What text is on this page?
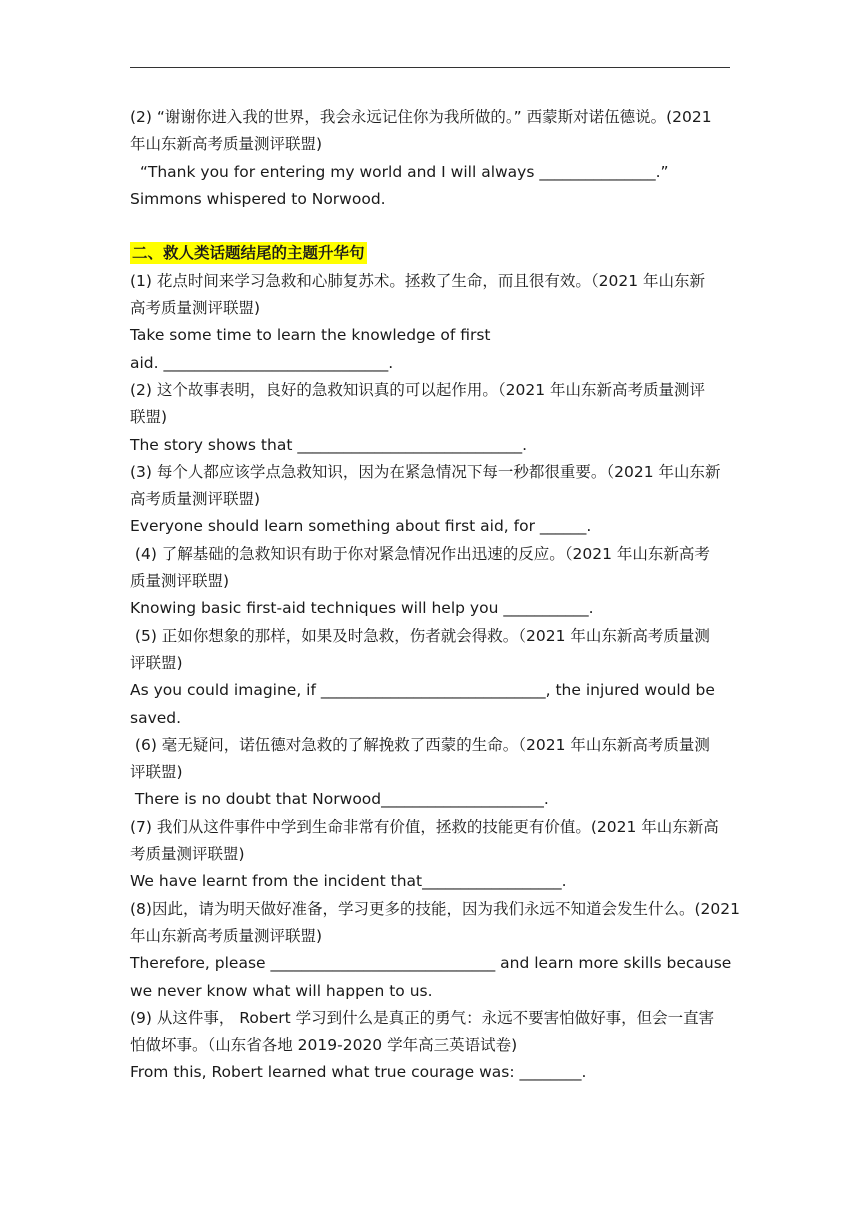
(2) “谢谢你进入我的世界，我会永远记住你为我所做的。” 西蒙斯对诺伍德说。(2021
年山东新高考质量测评联盟)
“Thank you for entering my world and I will always _______________.”
Simmons whispered to Norwood.
二、救人类话题结尾的主题升华句
(1) 花点时间来学习急救和心肺复苏术。拯救了生命，而且很有效。（2021 年山东新
高考质量测评联盟)
Take some time to learn the knowledge of first
aid. _____________________________.
(2) 这个故事表明，良好的急救知识真的可以起作用。（2021 年山东新高考质量测评
联盟)
The story shows that _____________________________.
(3) 每个人都应该学点急救知识，因为在紧急情况下每一秒都很重要。（2021 年山东新
高考质量测评联盟)
Everyone should learn something about first aid, for ______.
(4) 了解基础的急救知识有助于你对紧急情况作出迅速的反应。（2021 年山东新高考
质量测评联盟)
Knowing basic first-aid techniques will help you ___________.
(5) 正如你想象的那样，如果及时急救，伤者就会得救。（2021 年山东新高考质量测
评联盟)
As you could imagine, if _____________________________, the injured would be
saved.
(6) 毫无疑问，诺伍德对急救的了解挽救了西蒙的生命。（2021 年山东新高考质量测
评联盟)
There is no doubt that Norwood_____________________.
(7) 我们从这件事件中学到生命非常有价值，拯救的技能更有价值。(2021 年山东新高
考质量测评联盟)
We have learnt from the incident that__________________.
(8)因此，请为明天做好准备，学习更多的技能，因为我们永远不知道会发生什么。(2021
年山东新高考质量测评联盟)
Therefore, please _____________________________ and learn more skills because
we never know what will happen to us.
(9) 从这件事， Robert 学习到什么是真正的勇气：永远不要害怕做好事，但会一直害
怕做坏事。（山东省各地 2019-2020 学年高三英语试卷)
From this, Robert learned what true courage was: ________.
